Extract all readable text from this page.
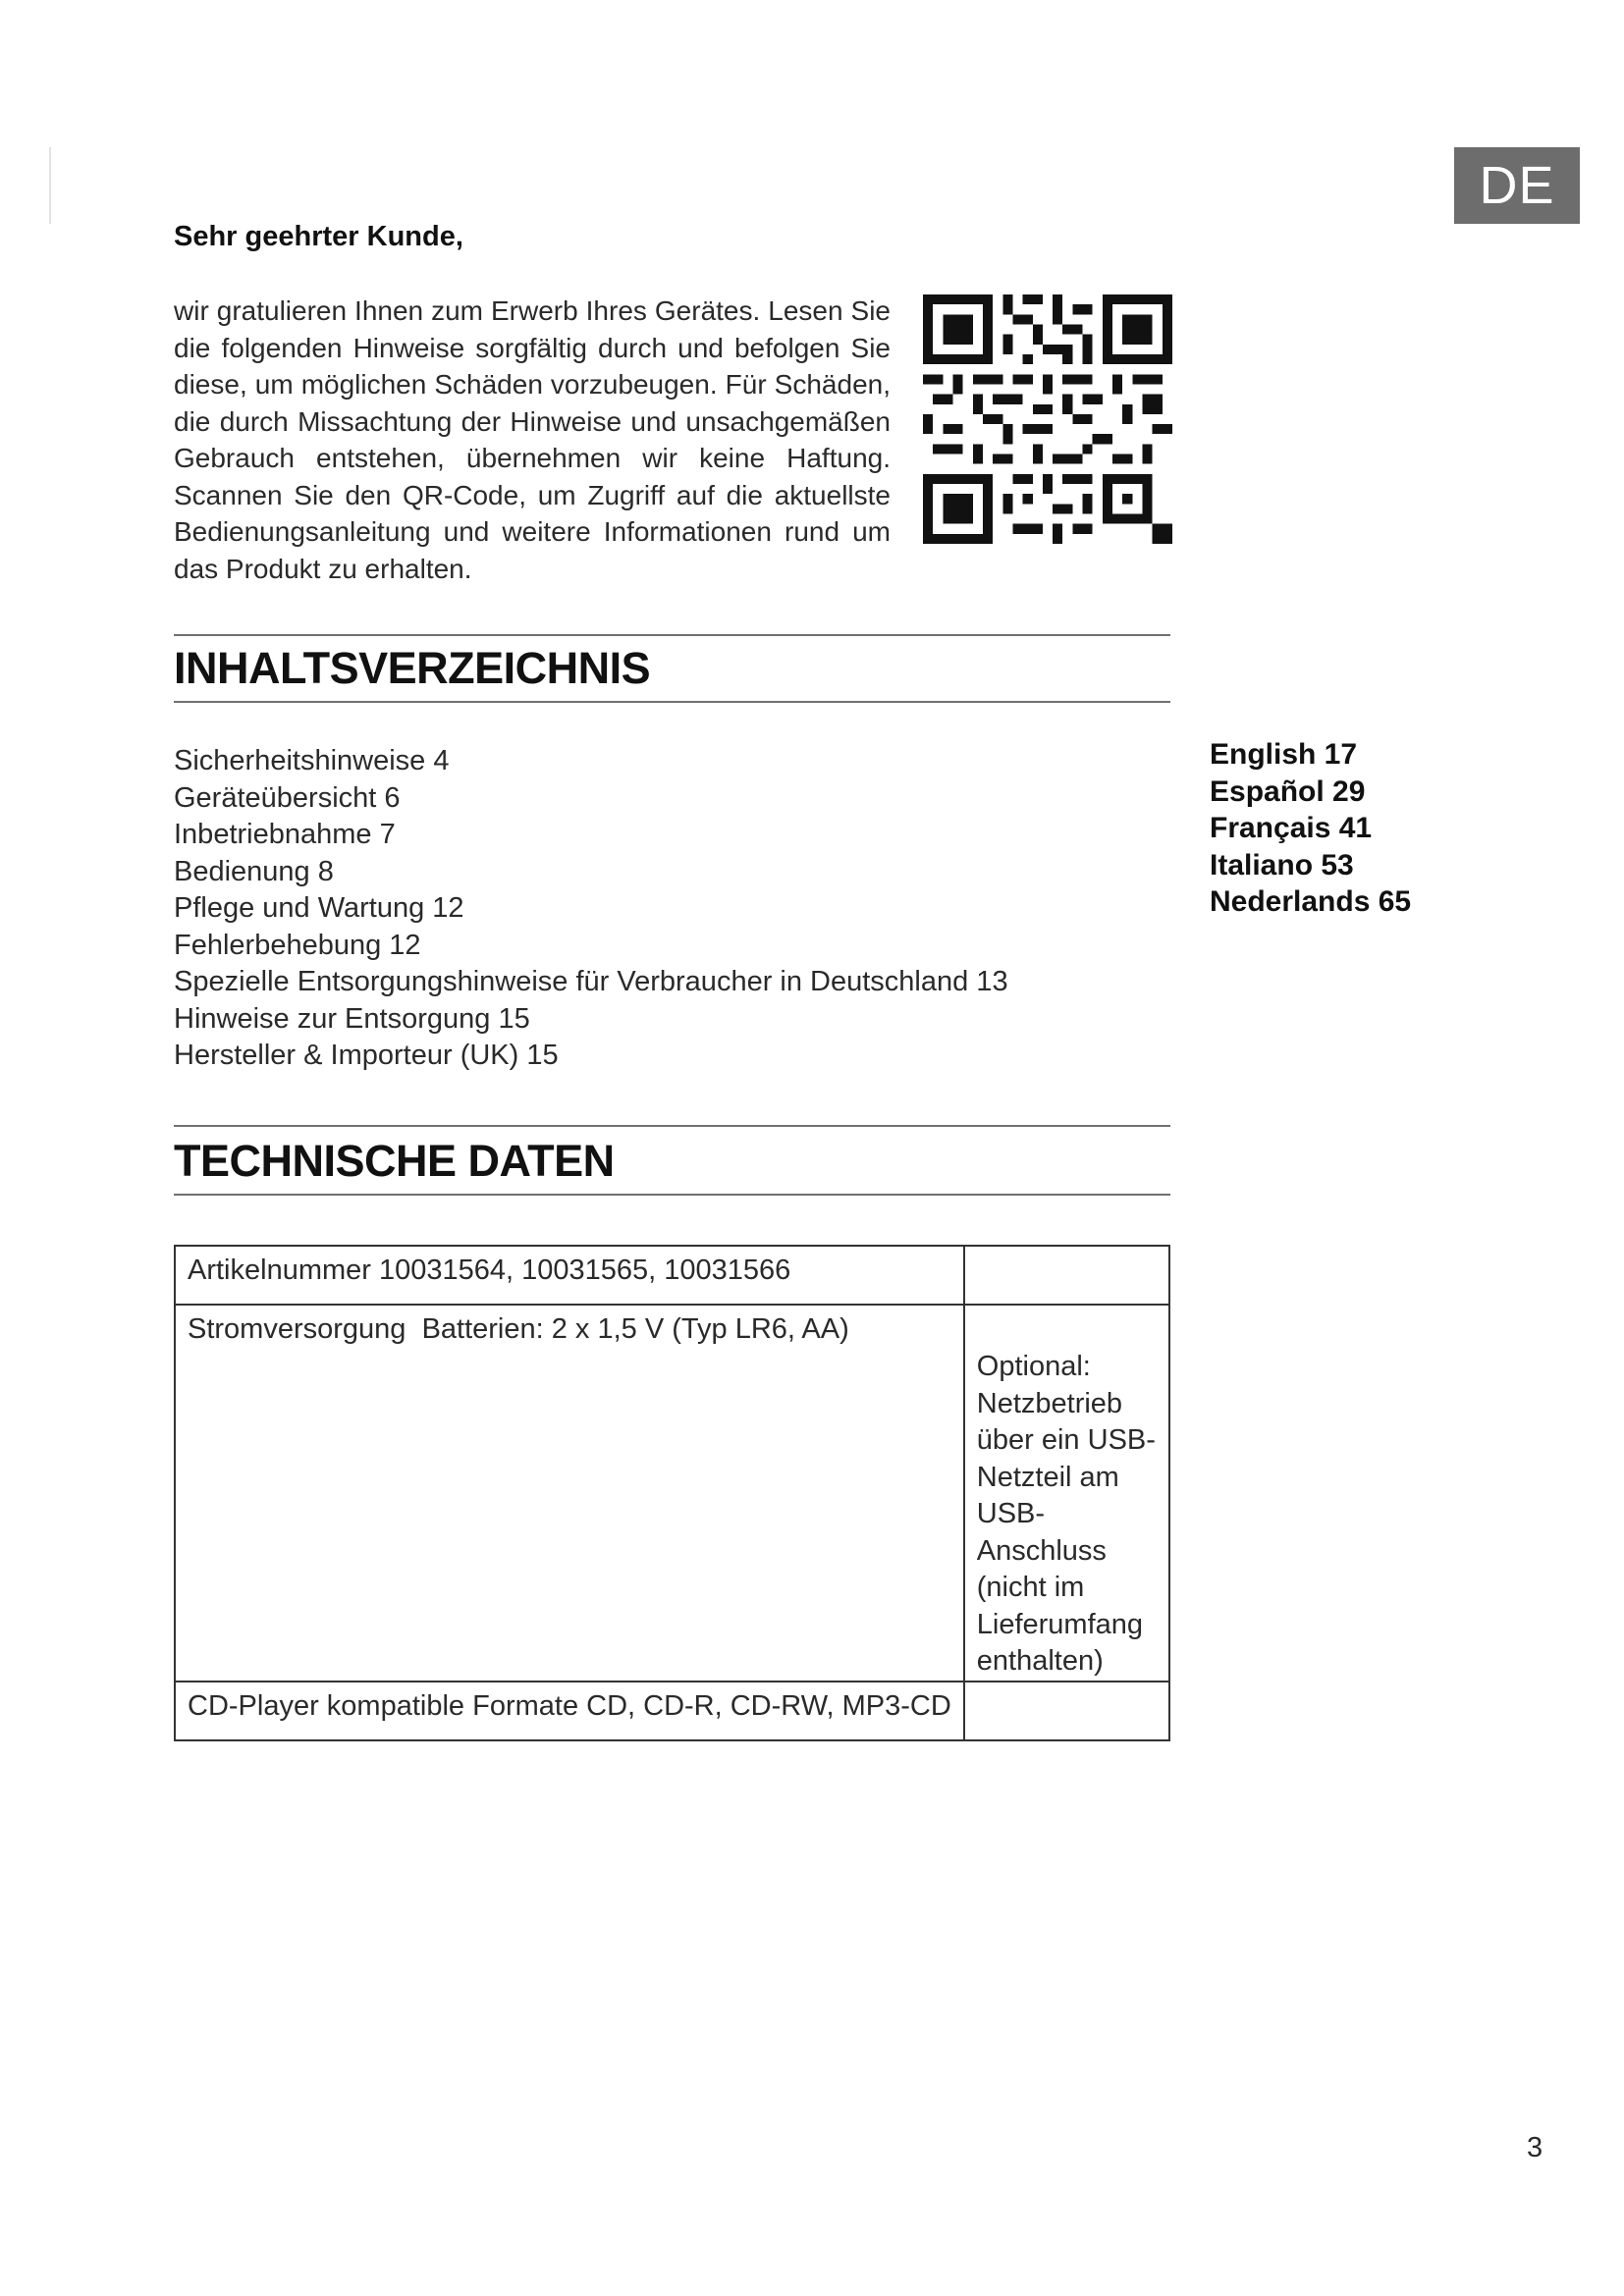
DE
Sehr geehrter Kunde,
wir gratulieren Ihnen zum Erwerb Ihres Gerätes. Lesen Sie die folgenden Hinweise sorgfältig durch und befolgen Sie diese, um möglichen Schäden vorzubeugen. Für Schäden, die durch Missachtung der Hinweise und unsachgemäßen Gebrauch entstehen, übernehmen wir keine Haftung. Scannen Sie den QR-Code, um Zugriff auf die aktuellste Bedienungsanleitung und weitere Informationen rund um das Produkt zu erhalten.
INHALTSVERZEICHNIS
Sicherheitshinweise 4
Geräteübersicht 6
Inbetriebnahme 7
Bedienung 8
Pflege und Wartung 12
Fehlerbehebung 12
Spezielle Entsorgungshinweise für Verbraucher in Deutschland 13
Hinweise zur Entsorgung 15
Hersteller & Importeur (UK) 15
English 17
Español 29
Français 41
Italiano 53
Nederlands 65
TECHNISCHE DATEN
Artikelnummer 10031564, 10031565, 10031566	
Stromversorgung Batterien: 2 x 1,5 V (Typ LR6, AA)	Optional: Netzbetrieb über ein USB-Netzteil am USB- Anschluss (nicht im Lieferumfang enthalten)

CD-Player kompatible Formate CD, CD-R, CD-RW, MP3-CD	
3
